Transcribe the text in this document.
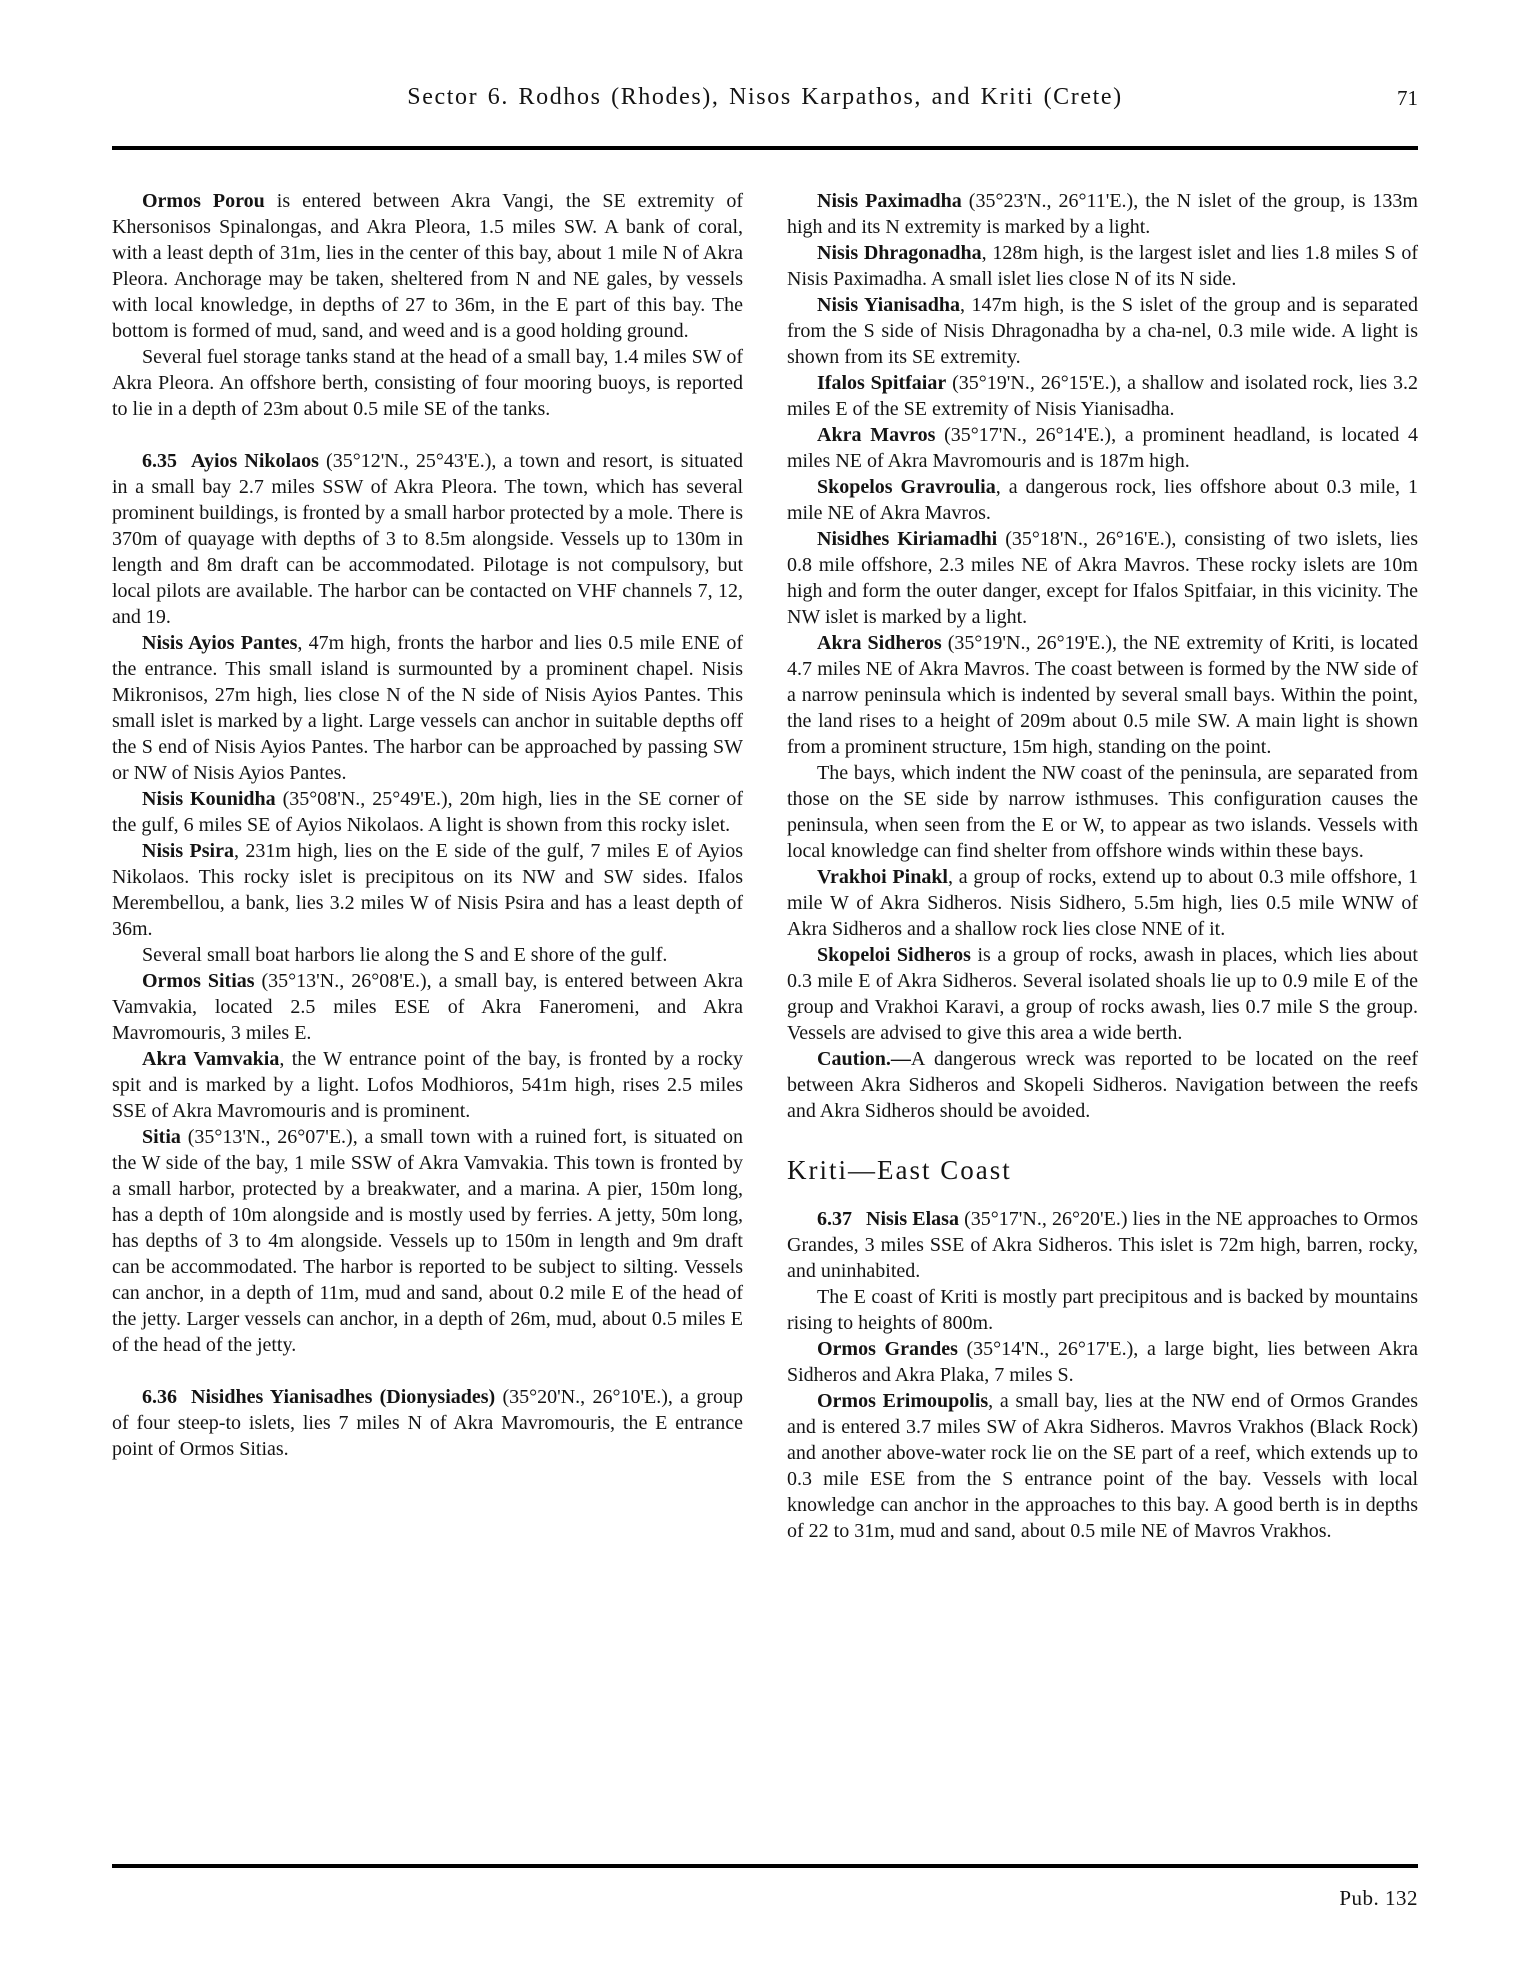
Sector 6. Rodhos (Rhodes), Nisos Karpathos, and Kriti (Crete)	71

Ormos Porou is entered between Akra Vangi, the SE extremity of Khersonisos Spinalongas, and Akra Pleora, 1.5 miles SW. A bank of coral, with a least depth of 31m, lies in the center of this bay, about 1 mile N of Akra Pleora. Anchorage may be taken, sheltered from N and NE gales, by vessels with local knowledge, in depths of 27 to 36m, in the E part of this bay. The bottom is formed of mud, sand, and weed and is a good holding ground.

Several fuel storage tanks stand at the head of a small bay, 1.4 miles SW of Akra Pleora. An offshore berth, consisting of four mooring buoys, is reported to lie in a depth of 23m about 0.5 mile SE of the tanks.

6.35 Ayios Nikolaos (35°12'N., 25°43'E.), a town and resort, is situated in a small bay 2.7 miles SSW of Akra Pleora. The town, which has several prominent buildings, is fronted by a small harbor protected by a mole. There is 370m of quayage with depths of 3 to 8.5m alongside. Vessels up to 130m in length and 8m draft can be accommodated. Pilotage is not compulsory, but local pilots are available. The harbor can be contacted on VHF channels 7, 12, and 19.

Nisis Ayios Pantes, 47m high, fronts the harbor and lies 0.5 mile ENE of the entrance. This small island is surmounted by a prominent chapel. Nisis Mikronisos, 27m high, lies close N of the N side of Nisis Ayios Pantes. This small islet is marked by a light. Large vessels can anchor in suitable depths off the S end of Nisis Ayios Pantes. The harbor can be approached by passing SW or NW of Nisis Ayios Pantes.

Nisis Kounidha (35°08'N., 25°49'E.), 20m high, lies in the SE corner of the gulf, 6 miles SE of Ayios Nikolaos. A light is shown from this rocky islet.

Nisis Psira, 231m high, lies on the E side of the gulf, 7 miles E of Ayios Nikolaos. This rocky islet is precipitous on its NW and SW sides. Ifalos Merembellou, a bank, lies 3.2 miles W of Nisis Psira and has a least depth of 36m.

Several small boat harbors lie along the S and E shore of the gulf.

Ormos Sitias (35°13'N., 26°08'E.), a small bay, is entered between Akra Vamvakia, located 2.5 miles ESE of Akra Faneromeni, and Akra Mavromouris, 3 miles E.

Akra Vamvakia, the W entrance point of the bay, is fronted by a rocky spit and is marked by a light. Lofos Modhioros, 541m high, rises 2.5 miles SSE of Akra Mavromouris and is prominent.

Sitia (35°13'N., 26°07'E.), a small town with a ruined fort, is situated on the W side of the bay, 1 mile SSW of Akra Vamvakia. This town is fronted by a small harbor, protected by a breakwater, and a marina. A pier, 150m long, has a depth of 10m alongside and is mostly used by ferries. A jetty, 50m long, has depths of 3 to 4m alongside. Vessels up to 150m in length and 9m draft can be accommodated. The harbor is reported to be subject to silting. Vessels can anchor, in a depth of 11m, mud and sand, about 0.2 mile E of the head of the jetty. Larger vessels can anchor, in a depth of 26m, mud, about 0.5 miles E of the head of the jetty.

6.36 Nisidhes Yianisadhes (Dionysiades) (35°20'N., 26°10'E.), a group of four steep-to islets, lies 7 miles N of Akra Mavromouris, the E entrance point of Ormos Sitias.

Nisis Paximadha (35°23'N., 26°11'E.), the N islet of the group, is 133m high and its N extremity is marked by a light.

Nisis Dhragonadha, 128m high, is the largest islet and lies 1.8 miles S of Nisis Paximadha. A small islet lies close N of its N side.

Nisis Yianisadha, 147m high, is the S islet of the group and is separated from the S side of Nisis Dhragonadha by a cha-nel, 0.3 mile wide. A light is shown from its SE extremity.

Ifalos Spitfaiar (35°19'N., 26°15'E.), a shallow and isolated rock, lies 3.2 miles E of the SE extremity of Nisis Yianisadha.

Akra Mavros (35°17'N., 26°14'E.), a prominent headland, is located 4 miles NE of Akra Mavromouris and is 187m high.

Skopelos Gravroulia, a dangerous rock, lies offshore about 0.3 mile, 1 mile NE of Akra Mavros.

Nisidhes Kiriamadhi (35°18'N., 26°16'E.), consisting of two islets, lies 0.8 mile offshore, 2.3 miles NE of Akra Mavros. These rocky islets are 10m high and form the outer danger, except for Ifalos Spitfaiar, in this vicinity. The NW islet is marked by a light.

Akra Sidheros (35°19'N., 26°19'E.), the NE extremity of Kriti, is located 4.7 miles NE of Akra Mavros. The coast between is formed by the NW side of a narrow peninsula which is indented by several small bays. Within the point, the land rises to a height of 209m about 0.5 mile SW. A main light is shown from a prominent structure, 15m high, standing on the point.

The bays, which indent the NW coast of the peninsula, are separated from those on the SE side by narrow isthmuses. This configuration causes the peninsula, when seen from the E or W, to appear as two islands. Vessels with local knowledge can find shelter from offshore winds within these bays.

Vrakhoi Pinakl, a group of rocks, extend up to about 0.3 mile offshore, 1 mile W of Akra Sidheros. Nisis Sidhero, 5.5m high, lies 0.5 mile WNW of Akra Sidheros and a shallow rock lies close NNE of it.

Skopeloi Sidheros is a group of rocks, awash in places, which lies about 0.3 mile E of Akra Sidheros. Several isolated shoals lie up to 0.9 mile E of the group and Vrakhoi Karavi, a group of rocks awash, lies 0.7 mile S the group. Vessels are advised to give this area a wide berth.

Caution.—A dangerous wreck was reported to be located on the reef between Akra Sidheros and Skopeli Sidheros. Navigation between the reefs and Akra Sidheros should be avoided.

Kriti—East Coast

6.37 Nisis Elasa (35°17'N., 26°20'E.) lies in the NE approaches to Ormos Grandes, 3 miles SSE of Akra Sidheros. This islet is 72m high, barren, rocky, and uninhabited.

The E coast of Kriti is mostly part precipitous and is backed by mountains rising to heights of 800m.

Ormos Grandes (35°14'N., 26°17'E.), a large bight, lies between Akra Sidheros and Akra Plaka, 7 miles S.

Ormos Erimoupolis, a small bay, lies at the NW end of Ormos Grandes and is entered 3.7 miles SW of Akra Sidheros. Mavros Vrakhos (Black Rock) and another above-water rock lie on the SE part of a reef, which extends up to 0.3 mile ESE from the S entrance point of the bay. Vessels with local knowledge can anchor in the approaches to this bay. A good berth is in depths of 22 to 31m, mud and sand, about 0.5 mile NE of Mavros Vrakhos.

Pub. 132
